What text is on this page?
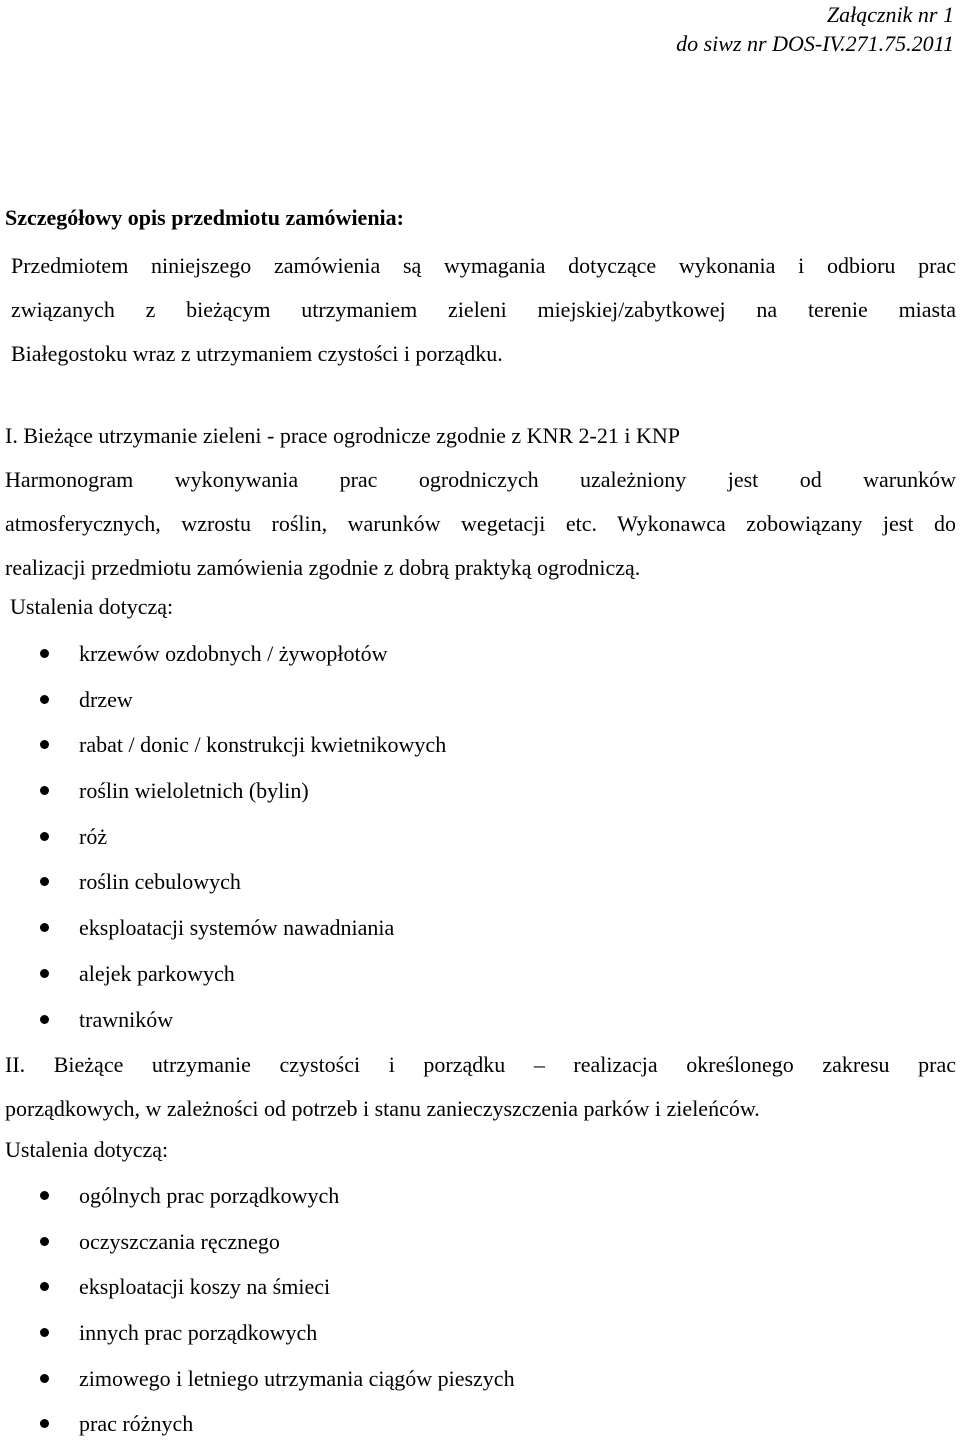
Załącznik nr 1
do siwz nr DOS-IV.271.75.2011
Szczegółowy opis przedmiotu zamówienia:
Przedmiotem niniejszego zamówienia są wymagania dotyczące wykonania i odbioru prac
związanych z bieżącym utrzymaniem zieleni miejskiej/zabytkowej na terenie miasta
Białegostoku wraz z utrzymaniem czystości i porządku.
I. Bieżące utrzymanie zieleni - prace ogrodnicze zgodnie z KNR 2-21 i KNP
Harmonogram wykonywania prac ogrodniczych uzależniony jest od warunków
atmosferycznych, wzrostu roślin, warunków wegetacji etc. Wykonawca zobowiązany jest do
realizacji przedmiotu zamówienia zgodnie z dobrą praktyką ogrodniczą.
Ustalenia dotyczą:
krzewów ozdobnych / żywopłotów
drzew
rabat / donic / konstrukcji kwietnikowych
roślin wieloletnich (bylin)
róż
roślin cebulowych
eksploatacji systemów nawadniania
alejek parkowych
trawników
II. Bieżące utrzymanie czystości i porządku – realizacja określonego zakresu prac
porządkowych, w zależności od potrzeb i stanu zanieczyszczenia parków i zieleńców.
Ustalenia dotyczą:
ogólnych prac porządkowych
oczyszczania ręcznego
eksploatacji koszy na śmieci
innych prac porządkowych
zimowego i letniego utrzymania ciągów pieszych
prac różnych
